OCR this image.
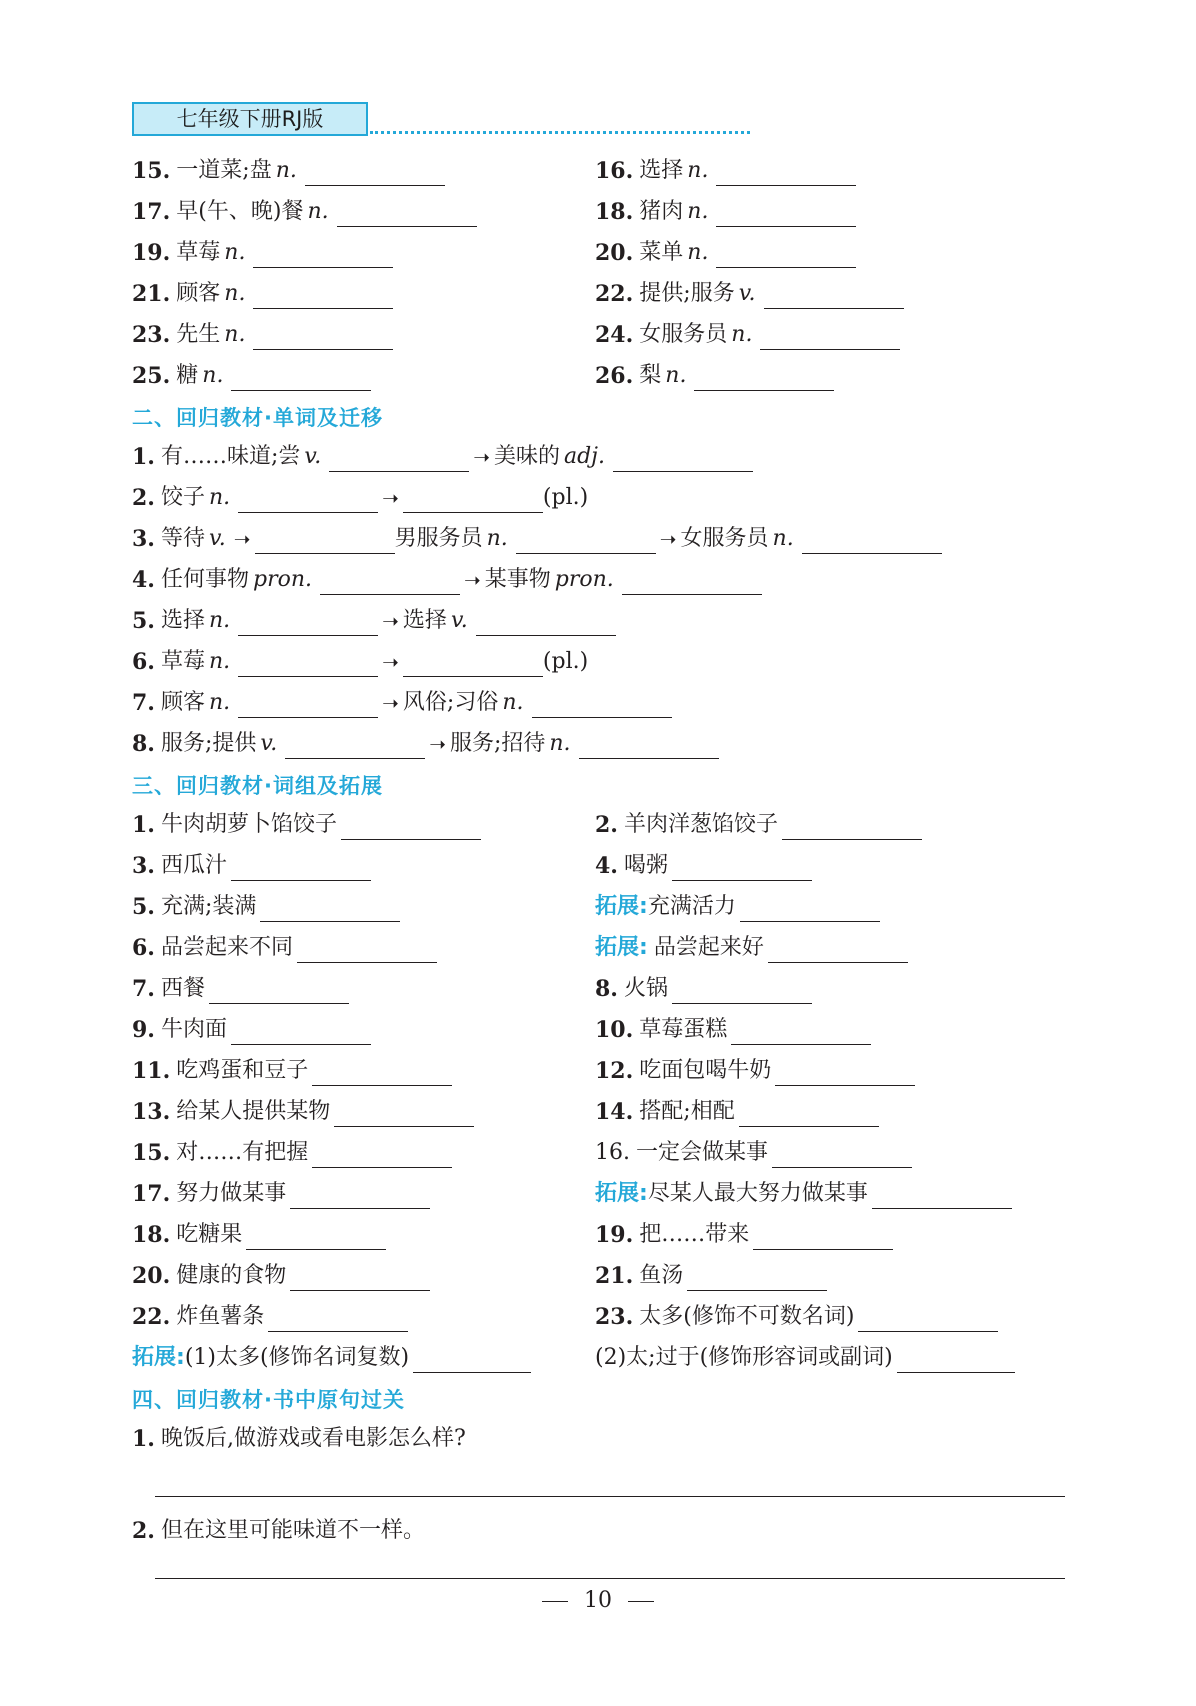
七年级下册RJ版
15. 一道菜;盘 n.	16. 选择 n.
17. 早(午、晚)餐 n.	18. 猪肉 n.
19. 草莓 n.	20. 菜单 n.
21. 顾客 n.	22. 提供;服务 v.
23. 先生 n.	24. 女服务员 n.
25. 糖 n.	26. 梨 n.
二、回归教材·单词及迁移
1. 有……味道;尝 v.	➝ 美味的 adj.
2. 饺子 n.	➝	(pl.)
3. 等待 v. ➝	男服务员 n.	➝ 女服务员 n.
4. 任何事物 pron.	➝ 某事物 pron.
5. 选择 n.	➝ 选择 v.
6. 草莓 n.	➝	(pl.)
7. 顾客 n.	➝ 风俗;习俗 n.
8. 服务;提供 v.	➝ 服务;招待 n.
三、回归教材·词组及拓展
1. 牛肉胡萝卜馅饺子	2. 羊肉洋葱馅饺子
3. 西瓜汁	4. 喝粥
5. 充满;装满	拓展: 充满活力
6. 品尝起来不同	拓展: 品尝起来好
7. 西餐	8. 火锅
9. 牛肉面	10. 草莓蛋糕
11. 吃鸡蛋和豆子	12. 吃面包喝牛奶
13. 给某人提供某物	14. 搭配;相配
15. 对……有把握	16. 一定会做某事
17. 努力做某事	拓展: 尽某人最大努力做某事
18. 吃糖果	19. 把……带来
20. 健康的食物	21. 鱼汤
22. 炸鱼薯条	23. 太多(修饰不可数名词)
拓展: (1)太多(修饰名词复数)	(2)太;过于(修饰形容词或副词)
四、回归教材·书中原句过关
1. 晚饭后,做游戏或看电影怎么样?
2. 但在这里可能味道不一样。
10
